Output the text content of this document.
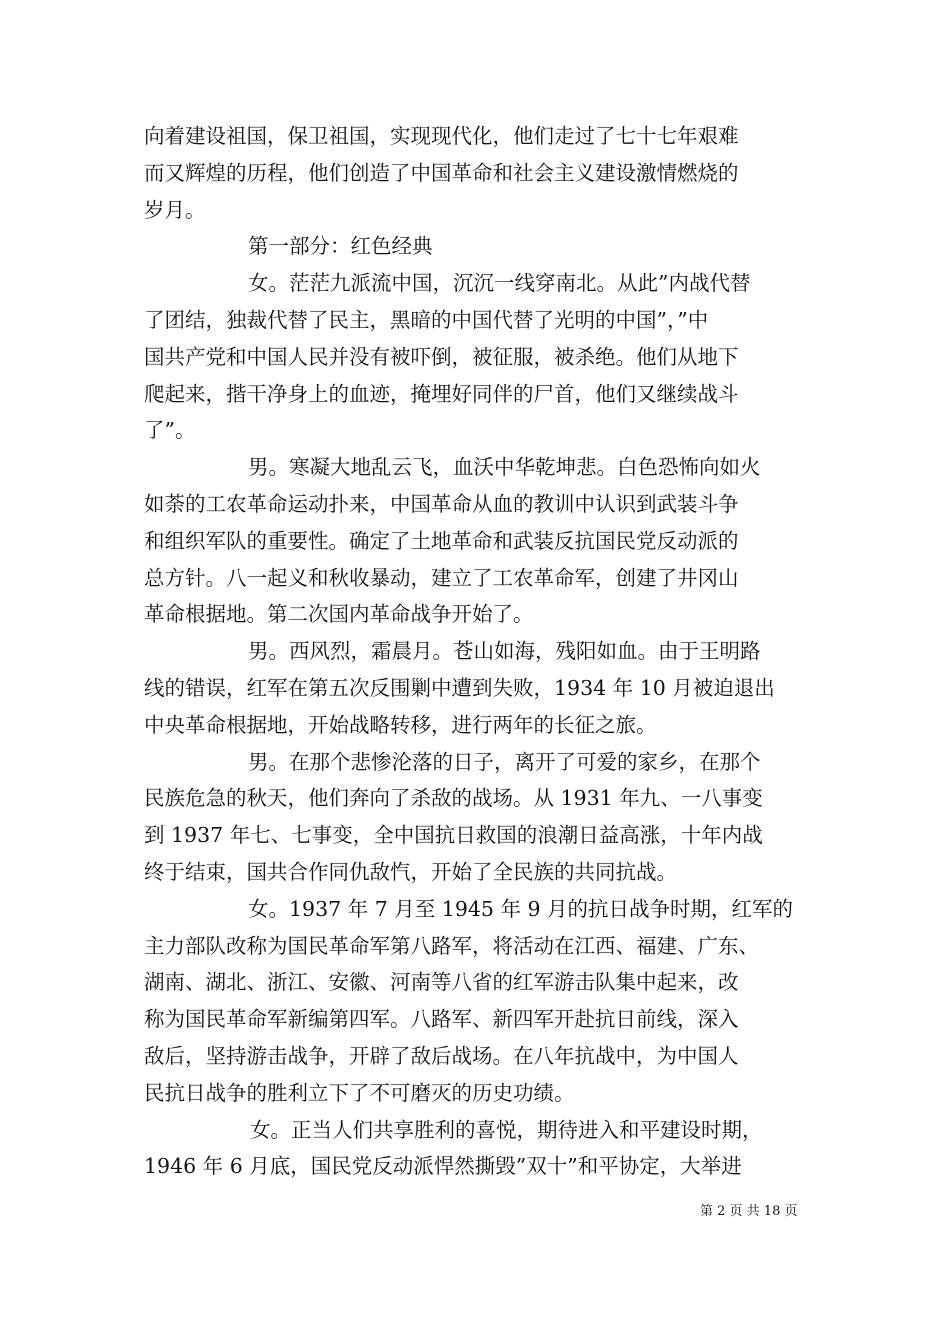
向着建设祖国，保卫祖国，实现现代化，他们走过了七十七年艰难
而又辉煌的历程，他们创造了中国革命和社会主义建设激情燃烧的
岁月。
第一部分：红色经典
女。茫茫九派流中国，沉沉一线穿南北。从此”内战代替
了团结，独裁代替了民主，黑暗的中国代替了光明的中国”，”中
国共产党和中国人民并没有被吓倒，被征服，被杀绝。他们从地下
爬起来，揩干净身上的血迹，掩埋好同伴的尸首，他们又继续战斗
了”。
男。寒凝大地乱云飞，血沃中华乾坤悲。白色恐怖向如火
如荼的工农革命运动扑来，中国革命从血的教训中认识到武装斗争
和组织军队的重要性。确定了土地革命和武装反抗国民党反动派的
总方针。八一起义和秋收暴动，建立了工农革命军，创建了井冈山
革命根据地。第二次国内革命战争开始了。
男。西风烈，霜晨月。苍山如海，残阳如血。由于王明路
线的错误，红军在第五次反围剿中遭到失败，1934 年 10 月被迫退出
中央革命根据地，开始战略转移，进行两年的长征之旅。
男。在那个悲惨沦落的日子，离开了可爱的家乡，在那个
民族危急的秋天，他们奔向了杀敌的战场。从 1931 年九、一八事变
到 1937 年七、七事变，全中国抗日救国的浪潮日益高涨，十年内战
终于结束，国共合作同仇敌忾，开始了全民族的共同抗战。
女。1937 年 7 月至 1945 年 9 月的抗日战争时期，红军的
主力部队改称为国民革命军第八路军，将活动在江西、福建、广东、
湖南、湖北、浙江、安徽、河南等八省的红军游击队集中起来，改
称为国民革命军新编第四军。八路军、新四军开赴抗日前线，深入
敌后，坚持游击战争，开辟了敌后战场。在八年抗战中，为中国人
民抗日战争的胜利立下了不可磨灭的历史功绩。
女。正当人们共享胜利的喜悦，期待进入和平建设时期，
1946 年 6 月底，国民党反动派悍然撕毁”双十”和平协定，大举进
第 2 页 共 18 页
